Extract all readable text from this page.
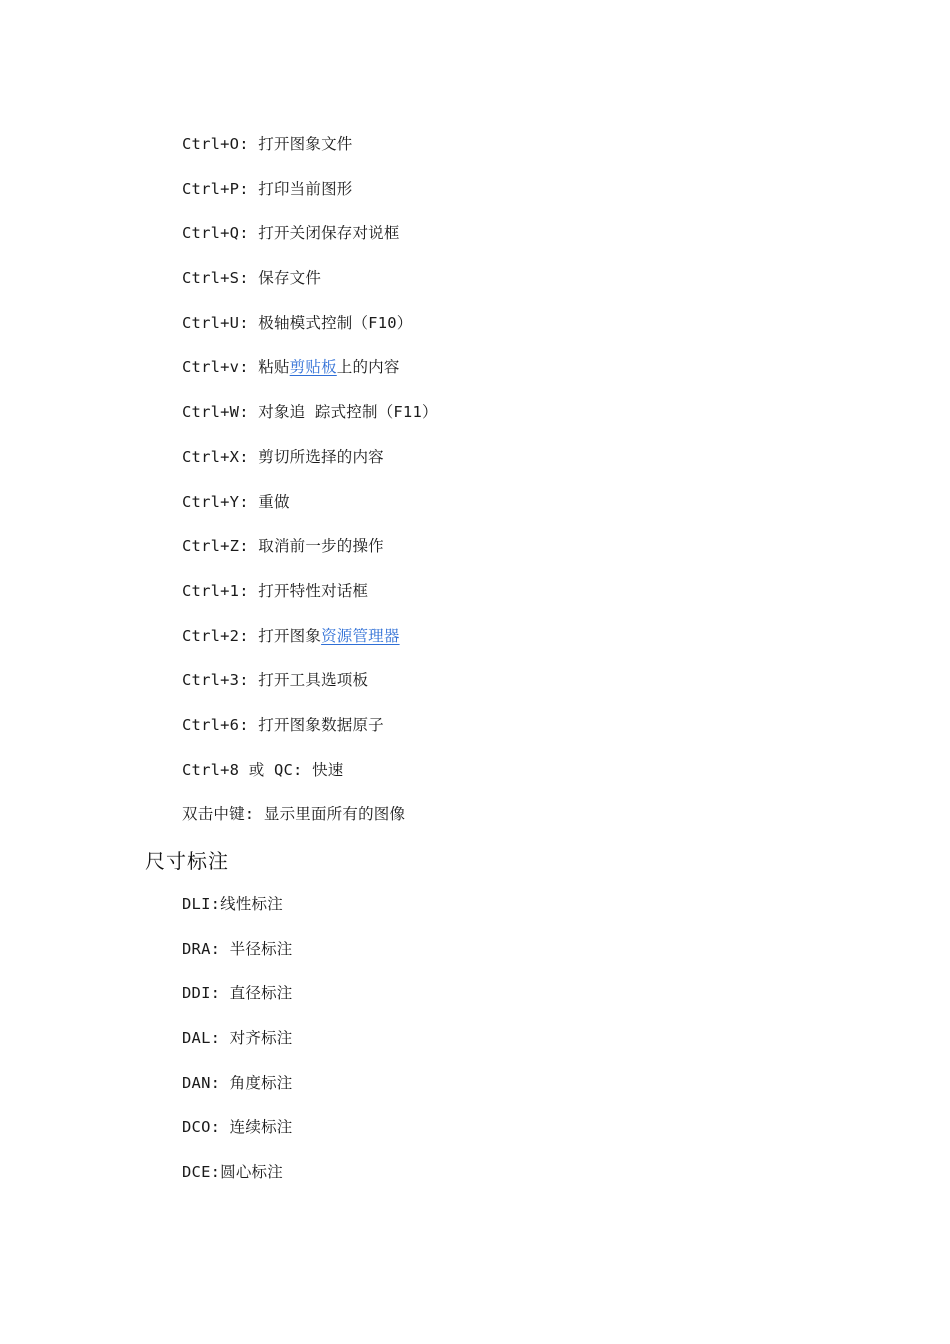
Ctrl+O: 打开图象文件
Ctrl+P: 打印当前图形
Ctrl+Q: 打开关闭保存对说框
Ctrl+S: 保存文件
Ctrl+U: 极轴模式控制（F10）
Ctrl+v: 粘贴剪贴板上的内容
Ctrl+W: 对象追 踪式控制（F11）
Ctrl+X: 剪切所选择的内容
Ctrl+Y: 重做
Ctrl+Z: 取消前一步的操作
Ctrl+1: 打开特性对话框
Ctrl+2: 打开图象资源管理器
Ctrl+3: 打开工具选项板
Ctrl+6: 打开图象数据原子
Ctrl+8 或 QC: 快速
双击中键: 显示里面所有的图像
尺寸标注
DLI:线性标注
DRA: 半径标注
DDI: 直径标注
DAL: 对齐标注
DAN: 角度标注
DCO: 连续标注
DCE:圆心标注
